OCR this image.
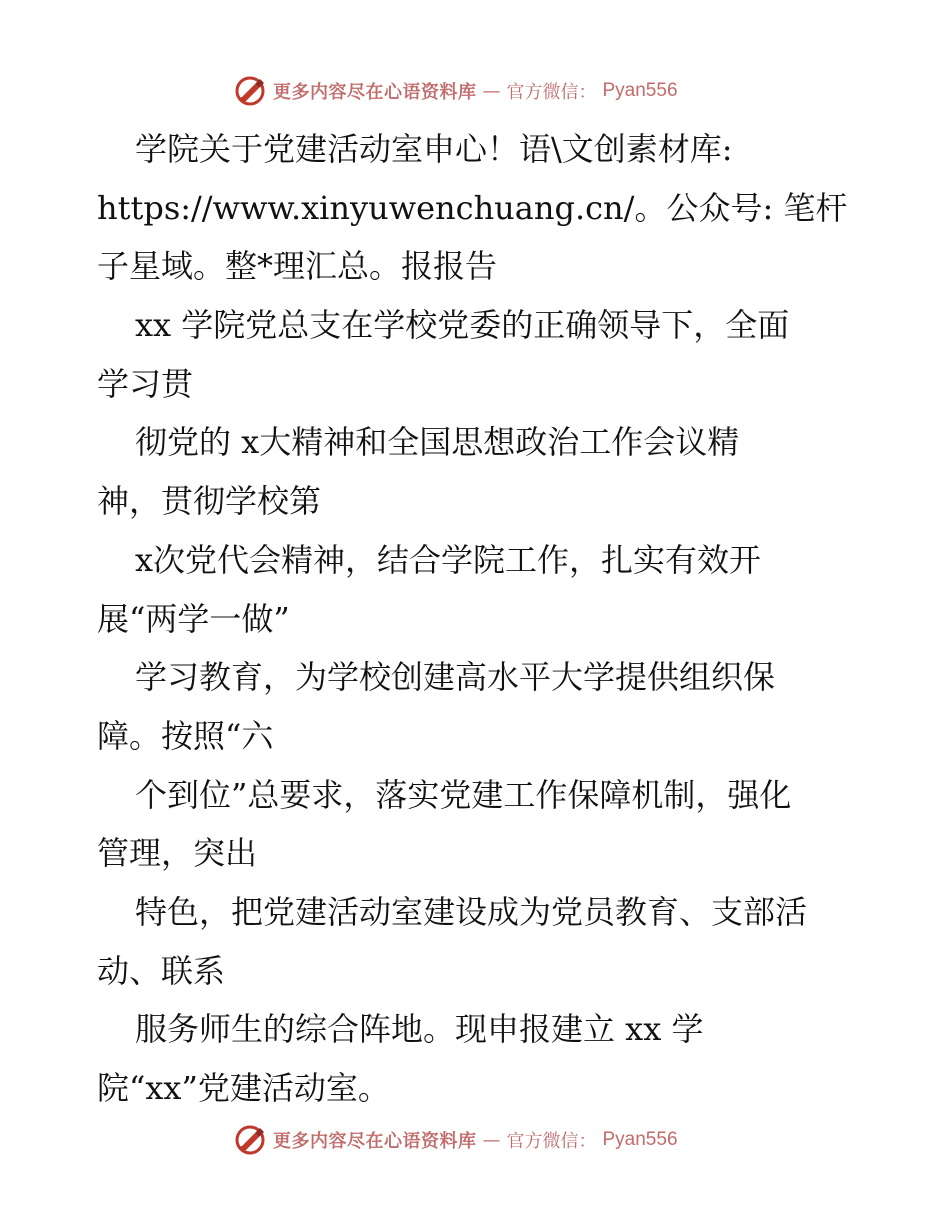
更多内容尽在心语资料库 — 官方微信： Pyan556
学院关于党建活动室申心！语\文创素材库:
https://www.xinyuwenchuang.cn/。公众号: 笔杆
子星域。整*理汇总。报报告
xx 学院党总支在学校党委的正确领导下，全面
学习贯
彻党的 x大精神和全国思想政治工作会议精
神，贯彻学校第
x次党代会精神，结合学院工作，扎实有效开
展“两学一做”
学习教育，为学校创建高水平大学提供组织保
障。按照“六
个到位”总要求，落实党建工作保障机制，强化
管理，突出
特色，把党建活动室建设成为党员教育、支部活
动、联系
服务师生的综合阵地。现申报建立 xx 学
院“xx”党建活动室。
更多内容尽在心语资料库 — 官方微信： Pyan556
